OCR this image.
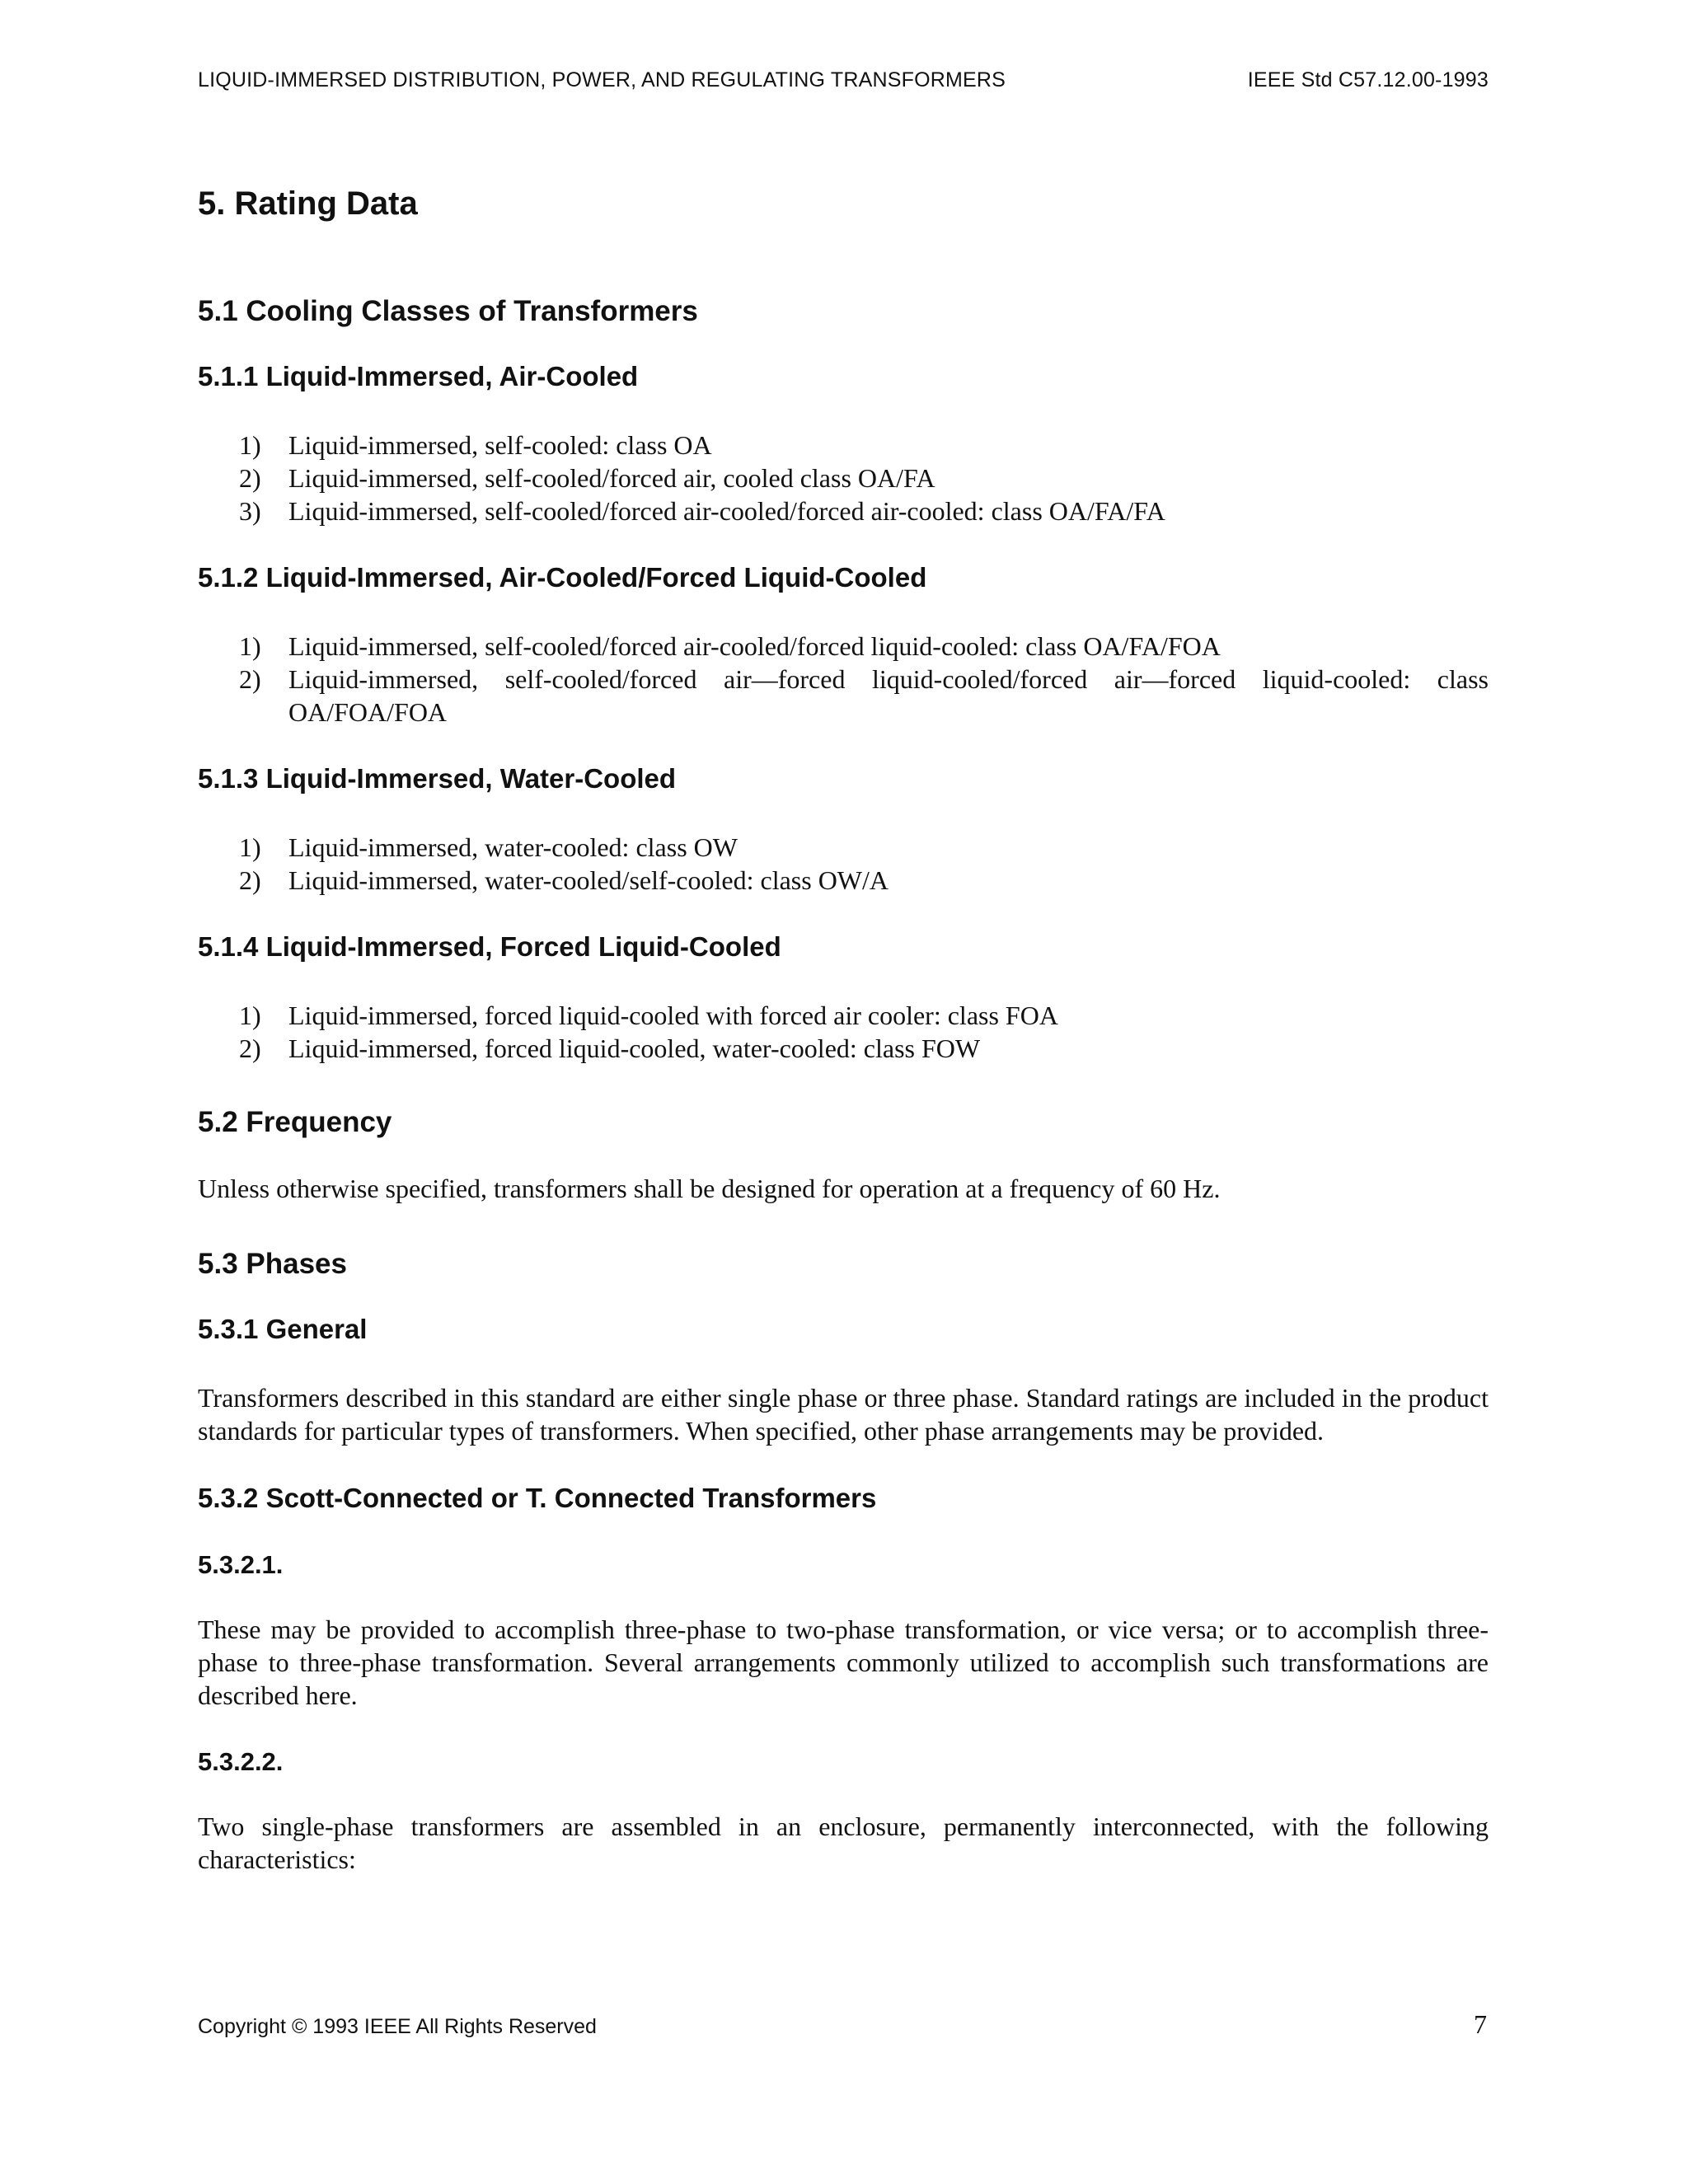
LIQUID-IMMERSED DISTRIBUTION, POWER, AND REGULATING TRANSFORMERS	IEEE Std C57.12.00-1993
5. Rating Data
5.1 Cooling Classes of Transformers
5.1.1 Liquid-Immersed, Air-Cooled
1)	Liquid-immersed, self-cooled: class OA
2)	Liquid-immersed, self-cooled/forced air, cooled class OA/FA
3)	Liquid-immersed, self-cooled/forced air-cooled/forced air-cooled: class OA/FA/FA
5.1.2 Liquid-Immersed, Air-Cooled/Forced Liquid-Cooled
1)	Liquid-immersed, self-cooled/forced air-cooled/forced liquid-cooled: class OA/FA/FOA
2)	Liquid-immersed, self-cooled/forced air—forced liquid-cooled/forced air—forced liquid-cooled: class
OA/FOA/FOA
5.1.3 Liquid-Immersed, Water-Cooled
1)	Liquid-immersed, water-cooled: class OW
2)	Liquid-immersed, water-cooled/self-cooled: class OW/A
5.1.4 Liquid-Immersed, Forced Liquid-Cooled
1)	Liquid-immersed, forced liquid-cooled with forced air cooler: class FOA
2)	Liquid-immersed, forced liquid-cooled, water-cooled: class FOW
5.2 Frequency

Unless otherwise specified, transformers shall be designed for operation at a frequency of 60 Hz.

5.3 Phases
5.3.1 General

Transformers described in this standard are either single phase or three phase. Standard ratings are included in the product standards for particular types of transformers. When specified, other phase arrangements may be provided.

5.3.2 Scott-Connected or T. Connected Transformers
5.3.2.1.

These may be provided to accomplish three-phase to two-phase transformation, or vice versa; or to accomplish three-phase to three-phase transformation. Several arrangements commonly utilized to accomplish such transformations are described here.

5.3.2.2.

Two single-phase transformers are assembled in an enclosure, permanently interconnected, with the following characteristics:

Copyright © 1993 IEEE All Rights Reserved	7
